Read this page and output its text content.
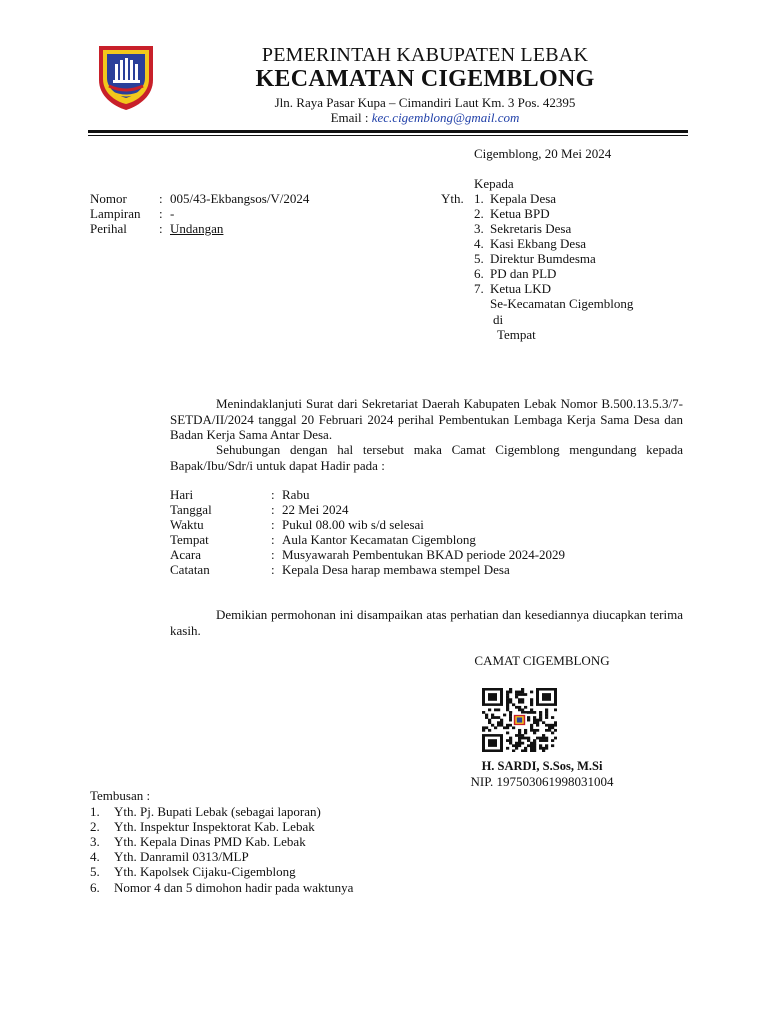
PEMERINTAH KABUPATEN LEBAK
KECAMATAN CIGEMBLONG
Jln. Raya Pasar Kupa – Cimandiri Laut Km. 3 Pos. 42395
Email : kec.cigemblong@gmail.com
Cigemblong, 20 Mei 2024
Nomor : 005/43-Ekbangsos/V/2024
Lampiran : -
Perihal : Undangan
Kepada
Yth. 1. Kepala Desa
2. Ketua BPD
3. Sekretaris Desa
4. Kasi Ekbang Desa
5. Direktur Bumdesma
6. PD dan PLD
7. Ketua LKD
Se-Kecamatan Cigemblong
di
Tempat
Menindaklanjuti Surat dari Sekretariat Daerah Kabupaten Lebak Nomor B.500.13.5.3/7-SETDA/II/2024 tanggal 20 Februari 2024 perihal Pembentukan Lembaga Kerja Sama Desa dan Badan Kerja Sama Antar Desa.
Sehubungan dengan hal tersebut maka Camat Cigemblong mengundang kepada Bapak/Ibu/Sdr/i untuk dapat Hadir pada :
Hari	: Rabu
Tanggal	: 22 Mei 2024
Waktu	: Pukul 08.00 wib s/d selesai
Tempat	: Aula Kantor Kecamatan Cigemblong
Acara	: Musyawarah Pembentukan BKAD periode 2024-2029
Catatan	: Kepala Desa harap membawa stempel Desa
Demikian permohonan ini disampaikan atas perhatian dan kesediannya diucapkan terima kasih.
CAMAT CIGEMBLONG
H. SARDI, S.Sos, M.Si
NIP. 197503061998031004
Tembusan :
1.	Yth. Pj. Bupati Lebak (sebagai laporan)
2.	Yth. Inspektur Inspektorat Kab. Lebak
3.	Yth. Kepala Dinas PMD Kab. Lebak
4.	Yth. Danramil 0313/MLP
5.	Yth. Kapolsek Cijaku-Cigemblong
6.	Nomor 4 dan 5 dimohon hadir pada waktunya
